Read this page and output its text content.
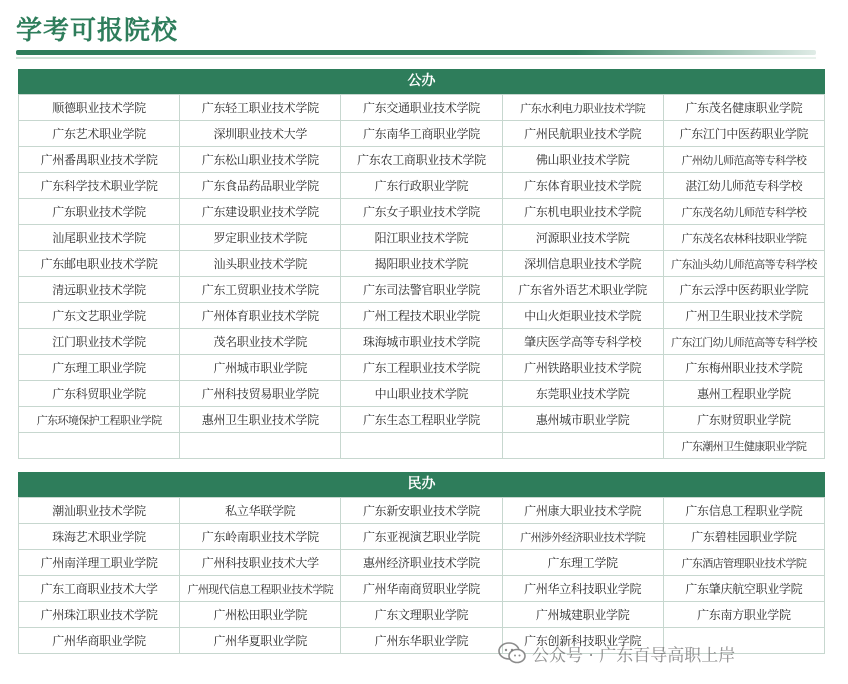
学考可报院校
公办
顺德职业技术学院	广东轻工职业技术学院	广东交通职业技术学院	广东水利电力职业技术学院	广东茂名健康职业学院
广东艺术职业学院	深圳职业技术大学	广东南华工商职业学院	广州民航职业技术学院	广东江门中医药职业学院
广州番禺职业技术学院	广东松山职业技术学院	广东农工商职业技术学院	佛山职业技术学院	广州幼儿师范高等专科学校
广东科学技术职业学院	广东食品药品职业学院	广东行政职业学院	广东体育职业技术学院	湛江幼儿师范专科学校
广东职业技术学院	广东建设职业技术学院	广东女子职业技术学院	广东机电职业技术学院	广东茂名幼儿师范专科学校
汕尾职业技术学院	罗定职业技术学院	阳江职业技术学院	河源职业技术学院	广东茂名农林科技职业学院
广东邮电职业技术学院	汕头职业技术学院	揭阳职业技术学院	深圳信息职业技术学院	广东汕头幼儿师范高等专科学校
清远职业技术学院	广东工贸职业技术学院	广东司法警官职业学院	广东省外语艺术职业学院	广东云浮中医药职业学院
广东文艺职业学院	广州体育职业技术学院	广州工程技术职业学院	中山火炬职业技术学院	广州卫生职业技术学院
江门职业技术学院	茂名职业技术学院	珠海城市职业技术学院	肇庆医学高等专科学校	广东江门幼儿师范高等专科学校
广东理工职业学院	广州城市职业学院	广东工程职业技术学院	广州铁路职业技术学院	广东梅州职业技术学院
广东科贸职业学院	广州科技贸易职业学院	中山职业技术学院	东莞职业技术学院	惠州工程职业学院
广东环境保护工程职业学院	惠州卫生职业技术学院	广东生态工程职业学院	惠州城市职业学院	广东财贸职业学院
				广东潮州卫生健康职业学院
民办
潮汕职业技术学院	私立华联学院	广东新安职业技术学院	广州康大职业技术学院	广东信息工程职业学院
珠海艺术职业学院	广东岭南职业技术学院	广东亚视演艺职业学院	广州涉外经济职业技术学院	广东碧桂园职业学院
广州南洋理工职业学院	广州科技职业技术大学	惠州经济职业技术学院	广东理工学院	广东酒店管理职业技术学院
广东工商职业技术大学	广州现代信息工程职业技术学院	广州华南商贸职业学院	广州华立科技职业学院	广东肇庆航空职业学院
广州珠江职业技术学院	广州松田职业学院	广东文理职业学院	广州城建职业学院	广东南方职业学院
广州华商职业学院	广州华夏职业学院	广州东华职业学院	广东创新科技职业学院	
公众号 · 广东百导高职上岸
